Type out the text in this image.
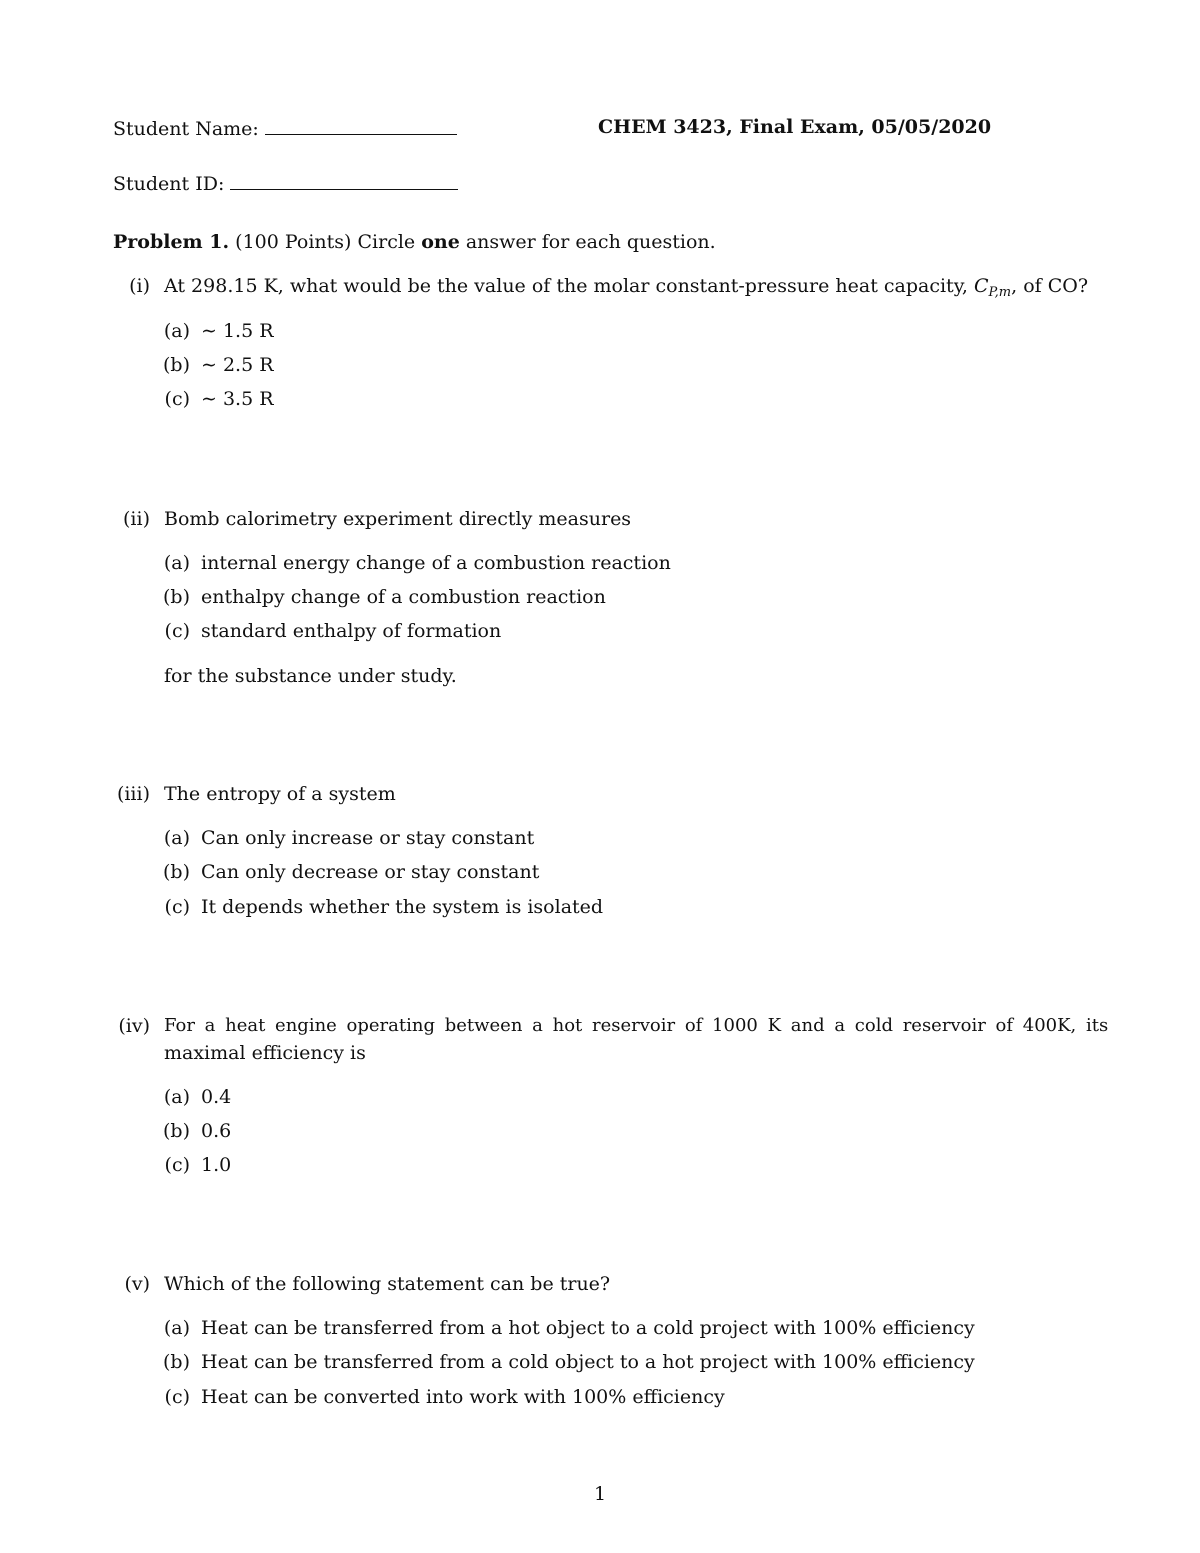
Student Name:	CHEM 3423, Final Exam, 05/05/2020
Student ID:
Problem 1. (100 Points) Circle one answer for each question.
(i) At 298.15 K, what would be the value of the molar constant-pressure heat capacity, $C_{P,m}$, of CO?
(a) ∼ 1.5 R
(b) ∼ 2.5 R
(c) ∼ 3.5 R
(ii) Bomb calorimetry experiment directly measures
(a) internal energy change of a combustion reaction
(b) enthalpy change of a combustion reaction
(c) standard enthalpy of formation
for the substance under study.
(iii) The entropy of a system
(a) Can only increase or stay constant
(b) Can only decrease or stay constant
(c) It depends whether the system is isolated
(iv) For a heat engine operating between a hot reservoir of 1000 K and a cold reservoir of 400K, its
maximal efficiency is
(a) 0.4
(b) 0.6
(c) 1.0
(v) Which of the following statement can be true?
(a) Heat can be transferred from a hot object to a cold project with 100% efficiency
(b) Heat can be transferred from a cold object to a hot project with 100% efficiency
(c) Heat can be converted into work with 100% efficiency
1
